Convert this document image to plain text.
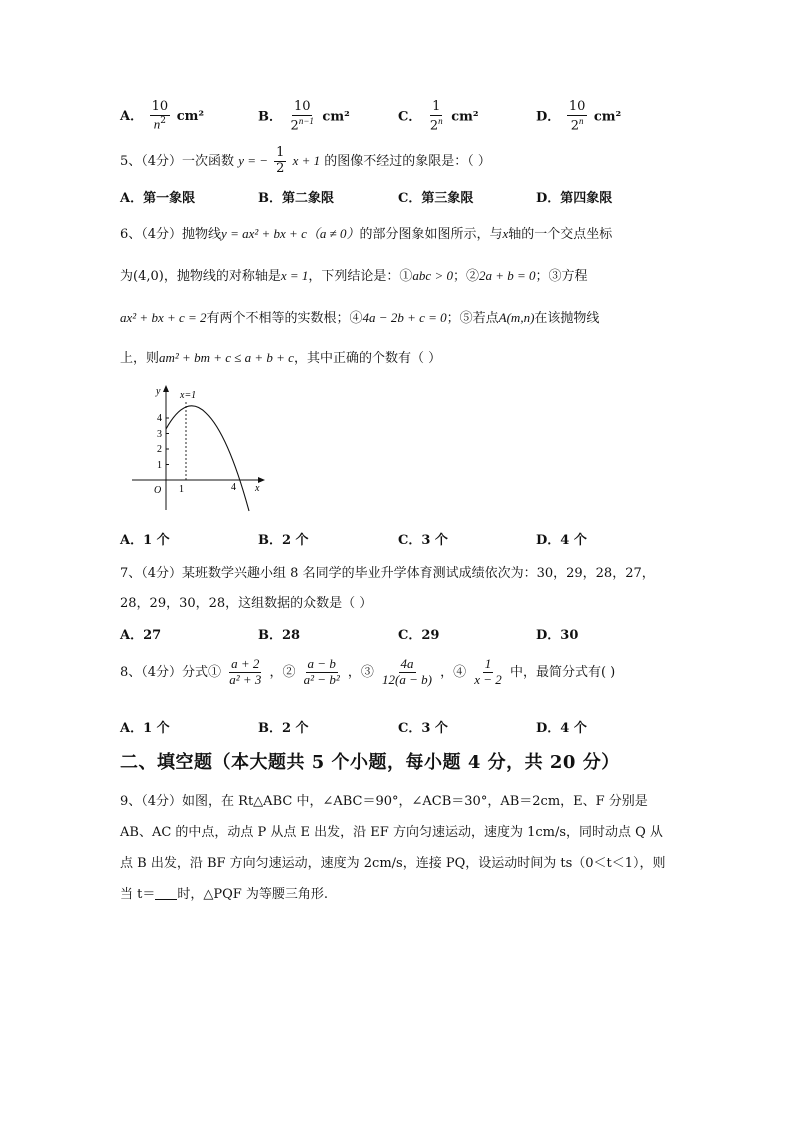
A． $\frac{10}{n^2} cm^2$	B． $\frac{10}{2^{n-1}} cm^2$	C． $\frac{1}{2^n} cm^2$	D． $\frac{10}{2^n} cm^2$
5、（4分）一次函数 y = − $\frac{1}{2}$ x + 1 的图像不经过的象限是：（ ）
A．第一象限	B．第二象限	C．第三象限	D．第四象限
6、（4分）抛物线y = ax² + bx + c（a ≠ 0）的部分图象如图所示，与x轴的一个交点坐标
为(4,0)，抛物线的对称轴是x = 1，下列结论是：①abc > 0；②2a + b = 0；③方程
ax² + bx + c = 2有两个不相等的实数根；④4a − 2b + c = 0；⑤若点A(m,n)在该抛物线
上，则am² + bm + c ≤ a + b + c，其中正确的个数有（ ）
y
x
O
1
2
3
4
1	4
x=1
A．1 个	B．2 个	C．3 个	D．4 个
7、（4分）某班数学兴趣小组 8 名同学的毕业升学体育测试成绩依次为：30，29，28，27，
28，29，30，28，这组数据的众数是（ ）
A．27	B．28	C．29	D．30
8、（4分）分式① $\frac{a + 2}{\text{a² + 3}}$ ，② $\frac{a - b}{\text{a² − b²}}$ ，③ $\frac{4a}{12(a - b)}$ ，④ $\frac{1}{x - 2}$ 中，最简分式有( )
A．1 个	B．2 个	C．3 个	D．4 个
二、填空题（本大题共 5 个小题，每小题 4 分，共 20 分）
9、（4分）如图，在 Rt△ABC 中，∠ABC＝90°，∠ACB＝30°，AB＝2cm，E、F 分别是
AB、AC 的中点，动点 P 从点 E 出发，沿 EF 方向匀速运动，速度为 1cm/s，同时动点 Q 从
点 B 出发，沿 BF 方向匀速运动，速度为 2cm/s，连接 PQ，设运动时间为 ts（0＜t＜1），则
当 t＝ 时，△PQF 为等腰三角形.
